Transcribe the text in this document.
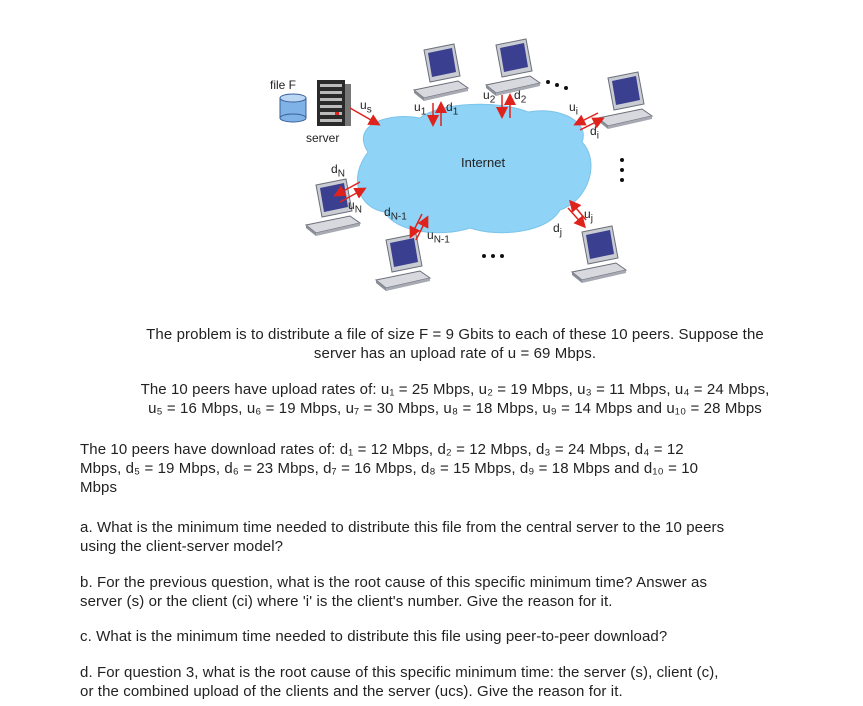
file F
server
Internet
$u_s$	$u_1$ $d_1$
$u_2$ $d_2$
$u_i$
$d_i$
$u_j$
$d_j$
$d_N$
$u_N$ $d_{N-1}$
$u_{N-1}$
The problem is to distribute a file of size F = 9 Gbits to each of these 10 peers. Suppose the
server has an upload rate of u = 69 Mbps.
The 10 peers have upload rates of: u₁ = 25 Mbps, u₂ = 19 Mbps, u₃ = 11 Mbps, u₄ = 24 Mbps,
u₅ = 16 Mbps, u₆ = 19 Mbps, u₇ = 30 Mbps, u₈ = 18 Mbps, u₉ = 14 Mbps and u₁₀ = 28 Mbps
The 10 peers have download rates of: d₁ = 12 Mbps, d₂ = 12 Mbps, d₃ = 24 Mbps, d₄ = 12
Mbps, d₅ = 19 Mbps, d₆ = 23 Mbps, d₇ = 16 Mbps, d₈ = 15 Mbps, d₉ = 18 Mbps and d₁₀ = 10
Mbps
a. What is the minimum time needed to distribute this file from the central server to the 10 peers
using the client-server model?
b. For the previous question, what is the root cause of this specific minimum time? Answer as
server (s) or the client (ci) where 'i' is the client's number. Give the reason for it.
c. What is the minimum time needed to distribute this file using peer-to-peer download?
d. For question 3, what is the root cause of this specific minimum time: the server (s), client (c),
or the combined upload of the clients and the server (ucs). Give the reason for it.
